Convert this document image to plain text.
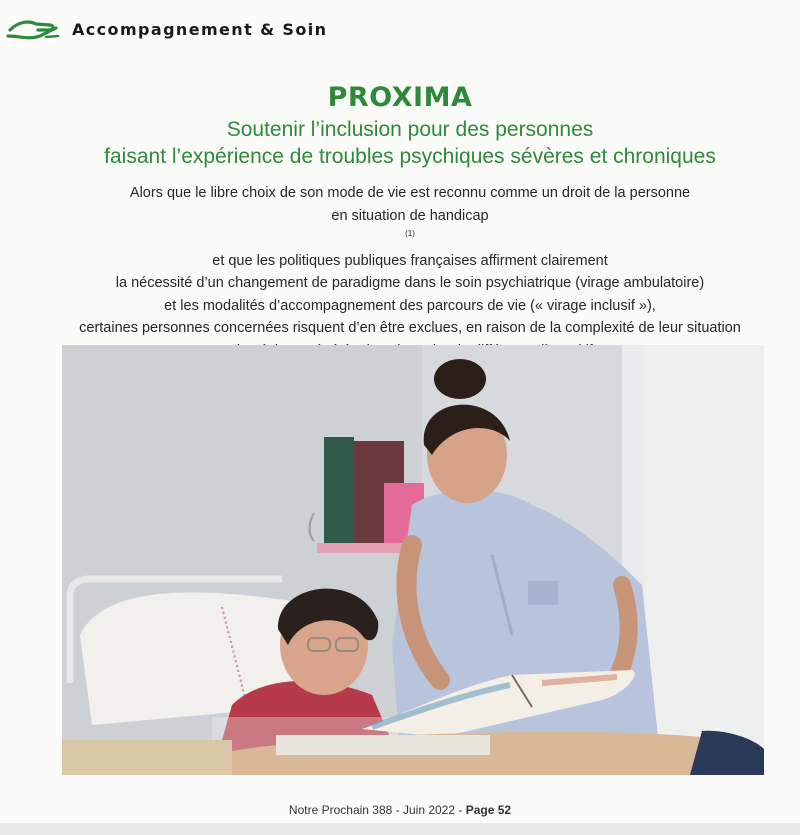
Accompagnement & Soin
PROXIMA
Soutenir l’inclusion pour des personnes
faisant l’expérience de troubles psychiques sévères et chroniques
Alors que le libre choix de son mode de vie est reconnu comme un droit de la personne
en situation de handicap
$^{(1)}$
et que les politiques publiques françaises affirment clairement
la nécessité d’un changement de paradigme dans le soin psychiatrique (virage ambulatoire)
et les modalités d’accompagnement des parcours de vie (« virage inclusif »),
certaines personnes concernées risquent d’en être exclues, en raison de la complexité de leur situation
Notre Prochain 388 - Juin 2022 - Page 52
